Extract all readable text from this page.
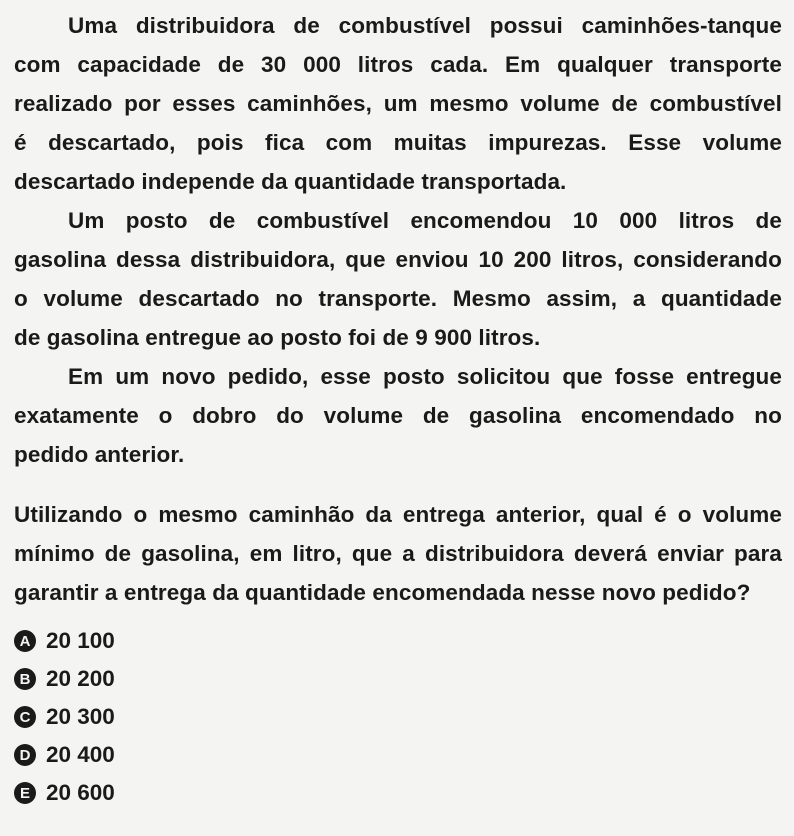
Uma distribuidora de combustível possui caminhões-tanque
com capacidade de 30 000 litros cada. Em qualquer transporte
realizado por esses caminhões, um mesmo volume de combustível
é descartado, pois fica com muitas impurezas. Esse volume
descartado independe da quantidade transportada.

Um posto de combustível encomendou 10 000 litros de
gasolina dessa distribuidora, que enviou 10 200 litros, considerando
o volume descartado no transporte. Mesmo assim, a quantidade
de gasolina entregue ao posto foi de 9 900 litros.

Em um novo pedido, esse posto solicitou que fosse entregue
exatamente o dobro do volume de gasolina encomendado no
pedido anterior.

Utilizando o mesmo caminhão da entrega anterior, qual é o volume
mínimo de gasolina, em litro, que a distribuidora deverá enviar para
garantir a entrega da quantidade encomendada nesse novo pedido?

A 20 100
B 20 200
C 20 300
D 20 400
E 20 600
